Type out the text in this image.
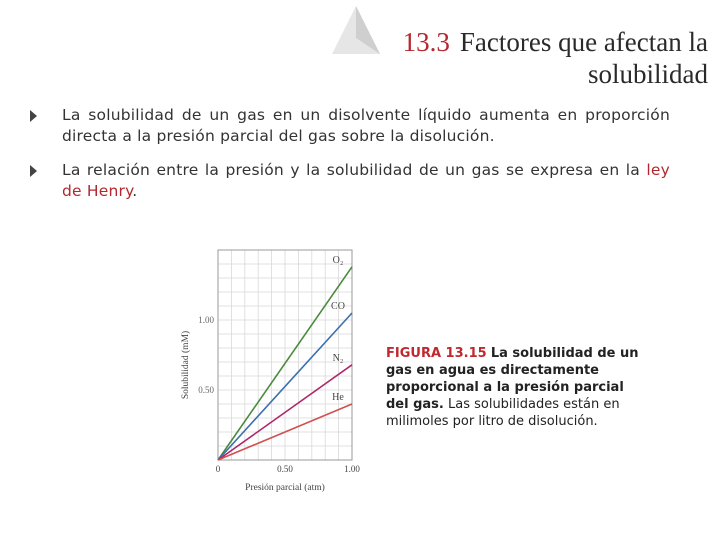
13.3 Factores que afectan la
solubilidad
La solubilidad de un gas en un disolvente líquido aumenta en proporción directa a la presión parcial del gas sobre la disolución.
La relación entre la presión y la solubilidad de un gas se expresa en la ley de Henry.
0.50
1.00
0	0.50	1.00
Presión parcial (atm)
Solubilidad (mM)
O₂
CO
N₂
He
FIGURA 13.15 La solubilidad de un gas en agua es directamente proporcional a la presión parcial del gas. Las solubilidades están en milimoles por litro de disolución.
